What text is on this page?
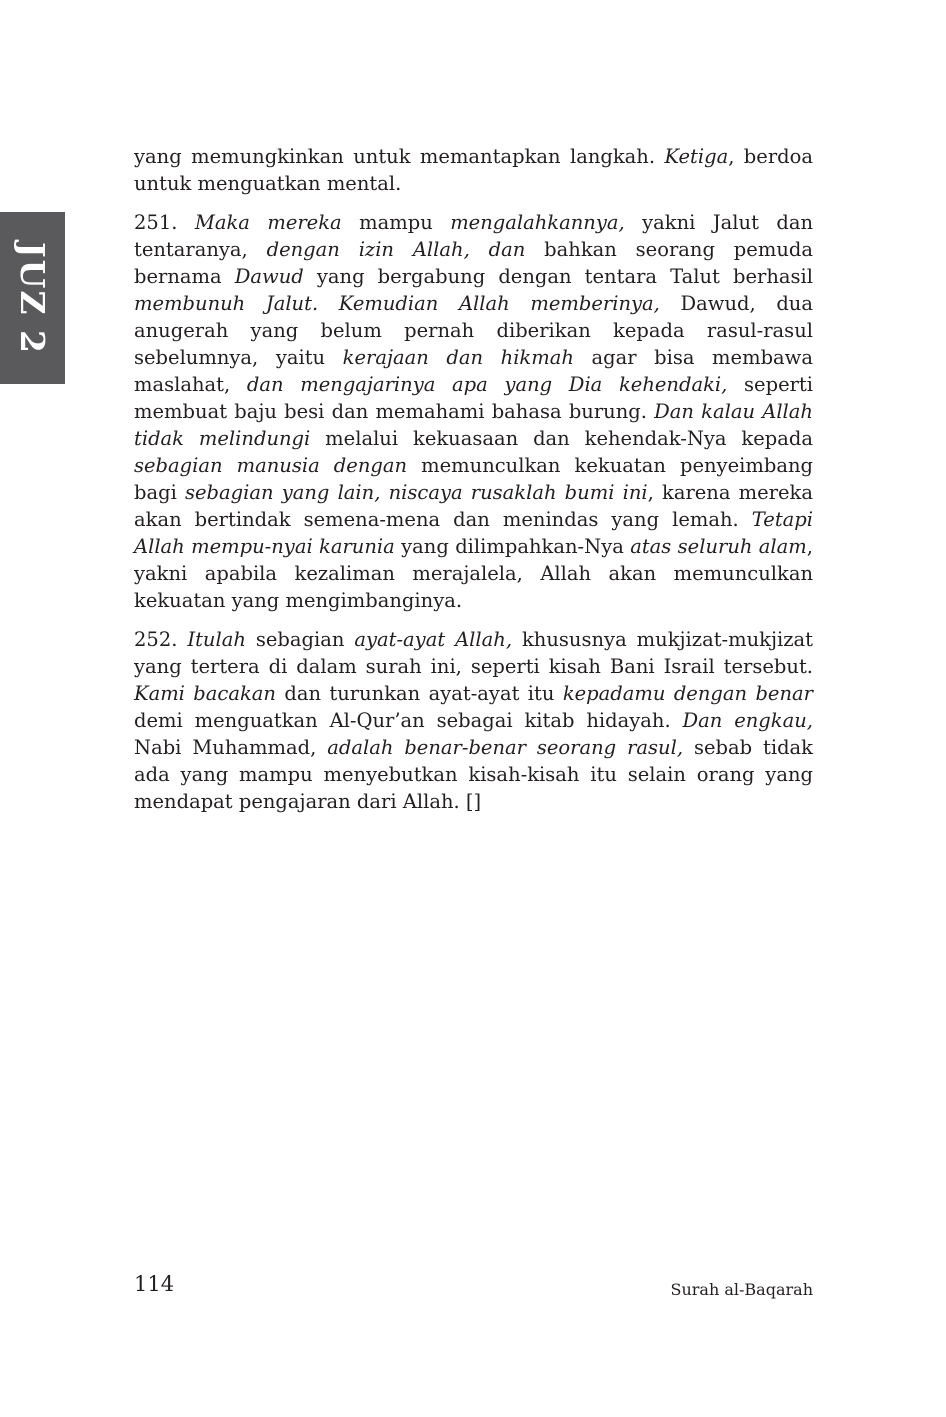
JUZ 2

yang memungkinkan untuk memantapkan langkah. Ketiga, berdoa untuk menguatkan mental.

251. Maka mereka mampu mengalahkannya, yakni Jalut dan tentaranya, dengan izin Allah, dan bahkan seorang pemuda bernama Dawud yang bergabung dengan tentara Talut berhasil membunuh Jalut. Kemudian Allah memberinya, Dawud, dua anugerah yang belum pernah diberikan kepada rasul-rasul sebelumnya, yaitu kerajaan dan hikmah agar bisa membawa maslahat, dan mengajarinya apa yang Dia kehendaki, seperti membuat baju besi dan memahami bahasa burung. Dan kalau Allah tidak melindungi melalui kekuasaan dan kehendak-Nya kepada sebagian manusia dengan memunculkan kekuatan penyeimbang bagi sebagian yang lain, niscaya rusaklah bumi ini, karena mereka akan bertindak semena-mena dan menindas yang lemah. Tetapi Allah mempu-nyai karunia yang dilimpahkan-Nya atas seluruh alam, yakni apabila kezaliman merajalela, Allah akan memunculkan kekuatan yang mengimbanginya.

252. Itulah sebagian ayat-ayat Allah, khususnya mukjizat-mukjizat yang tertera di dalam surah ini, seperti kisah Bani Israil tersebut. Kami bacakan dan turunkan ayat-ayat itu kepadamu dengan benar demi menguatkan Al-Qur’an sebagai kitab hidayah. Dan engkau, Nabi Muhammad, adalah benar-benar seorang rasul, sebab tidak ada yang mampu menyebutkan kisah-kisah itu selain orang yang mendapat pengajaran dari Allah. []

114	Surah al-Baqarah
